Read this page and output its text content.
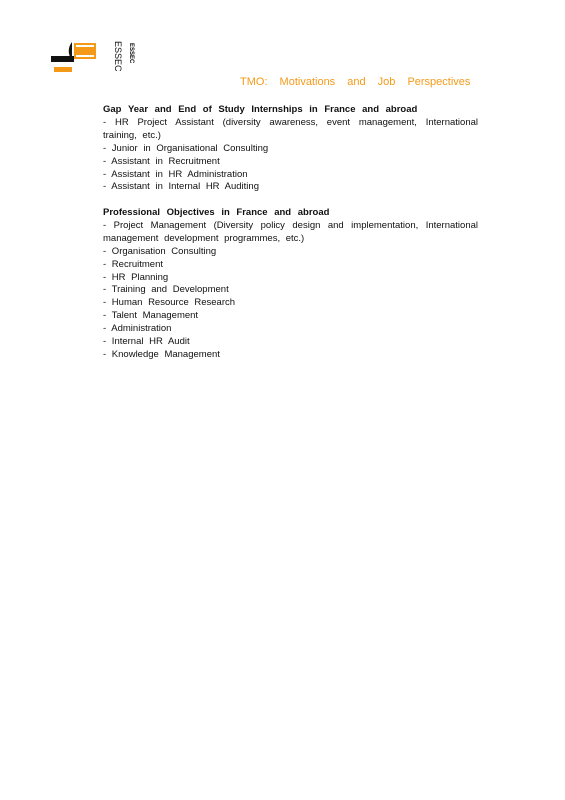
ESSEC ESSEC
TMO: Motivations and Job Perspectives
Gap Year and End of Study Internships in France and abroad
- HR Project Assistant (diversity awareness, event management, International training, etc.)
- Junior in Organisational Consulting
- Assistant in Recruitment
- Assistant in HR Administration
- Assistant in Internal HR Auditing
Professional Objectives in France and abroad
- Project Management (Diversity policy design and implementation, International management development programmes, etc.)
- Organisation Consulting
- Recruitment
- HR Planning
- Training and Development
- Human Resource Research
- Talent Management
- Administration
- Internal HR Audit
- Knowledge Management
